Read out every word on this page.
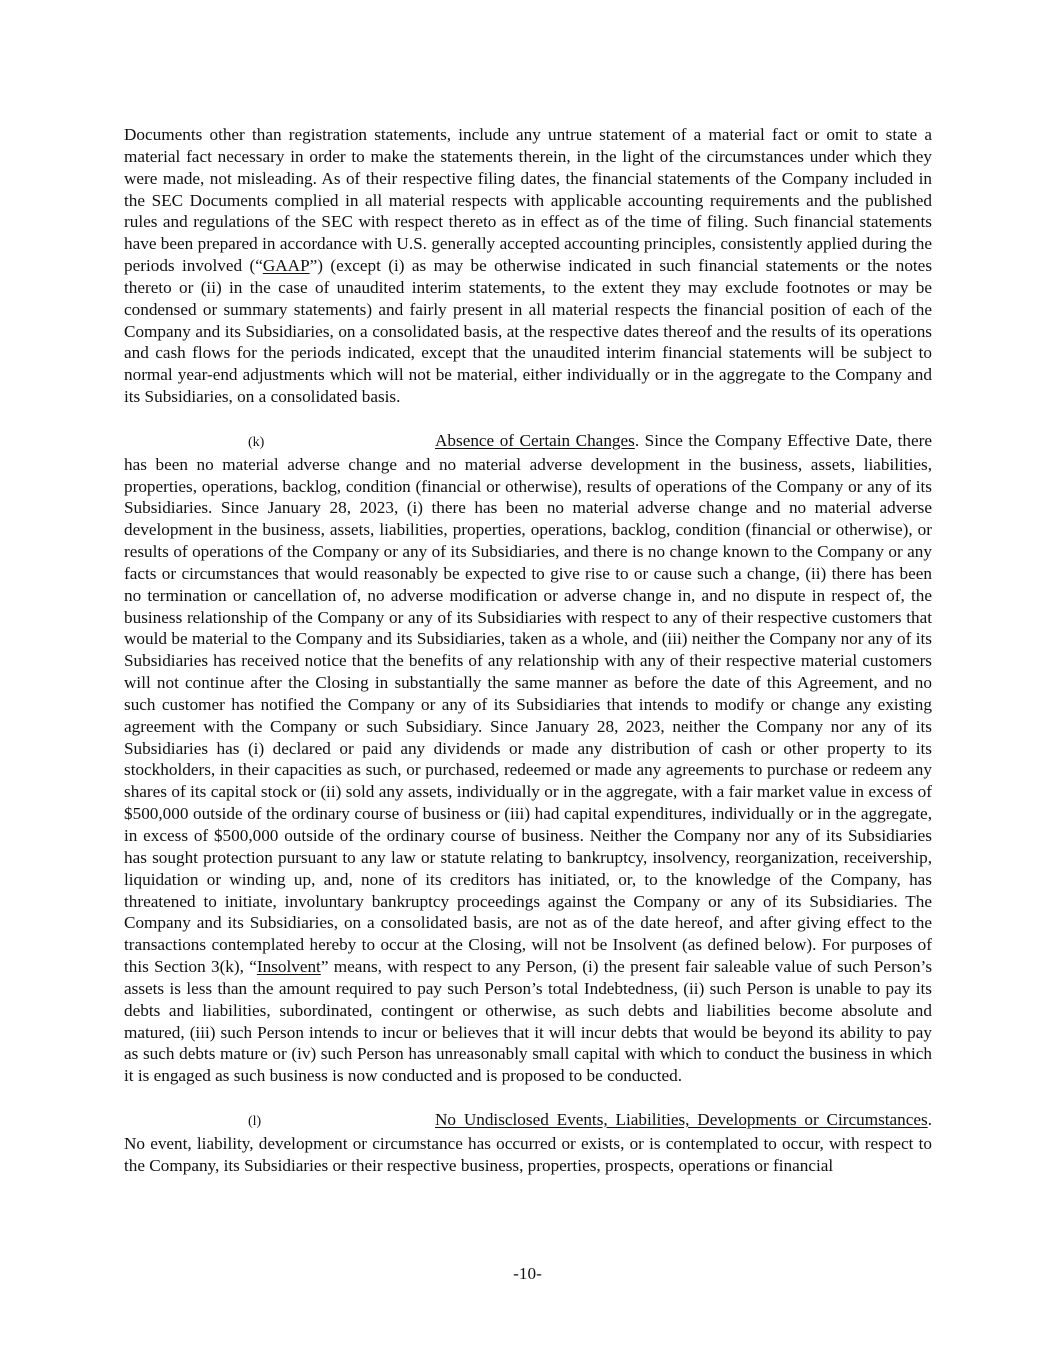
Documents other than registration statements, include any untrue statement of a material fact or omit to state a material fact necessary in order to make the statements therein, in the light of the circumstances under which they were made, not misleading. As of their respective filing dates, the financial statements of the Company included in the SEC Documents complied in all material respects with applicable accounting requirements and the published rules and regulations of the SEC with respect thereto as in effect as of the time of filing. Such financial statements have been prepared in accordance with U.S. generally accepted accounting principles, consistently applied during the periods involved (“GAAP”) (except (i) as may be otherwise indicated in such financial statements or the notes thereto or (ii) in the case of unaudited interim statements, to the extent they may exclude footnotes or may be condensed or summary statements) and fairly present in all material respects the financial position of each of the Company and its Subsidiaries, on a consolidated basis, at the respective dates thereof and the results of its operations and cash flows for the periods indicated, except that the unaudited interim financial statements will be subject to normal year-end adjustments which will not be material, either individually or in the aggregate to the Company and its Subsidiaries, on a consolidated basis.

(k)	Absence of Certain Changes. Since the Company Effective Date, there has been no material adverse change and no material adverse development in the business, assets, liabilities, properties, operations, backlog, condition (financial or otherwise), results of operations of the Company or any of its Subsidiaries. Since January 28, 2023, (i) there has been no material adverse change and no material adverse development in the business, assets, liabilities, properties, operations, backlog, condition (financial or otherwise), or results of operations of the Company or any of its Subsidiaries, and there is no change known to the Company or any facts or circumstances that would reasonably be expected to give rise to or cause such a change, (ii) there has been no termination or cancellation of, no adverse modification or adverse change in, and no dispute in respect of, the business relationship of the Company or any of its Subsidiaries with respect to any of their respective customers that would be material to the Company and its Subsidiaries, taken as a whole, and (iii) neither the Company nor any of its Subsidiaries has received notice that the benefits of any relationship with any of their respective material customers will not continue after the Closing in substantially the same manner as before the date of this Agreement, and no such customer has notified the Company or any of its Subsidiaries that intends to modify or change any existing agreement with the Company or such Subsidiary. Since January 28, 2023, neither the Company nor any of its Subsidiaries has (i) declared or paid any dividends or made any distribution of cash or other property to its stockholders, in their capacities as such, or purchased, redeemed or made any agreements to purchase or redeem any shares of its capital stock or (ii) sold any assets, individually or in the aggregate, with a fair market value in excess of $500,000 outside of the ordinary course of business or (iii) had capital expenditures, individually or in the aggregate, in excess of $500,000 outside of the ordinary course of business. Neither the Company nor any of its Subsidiaries has sought protection pursuant to any law or statute relating to bankruptcy, insolvency, reorganization, receivership, liquidation or winding up, and, none of its creditors has initiated, or, to the knowledge of the Company, has threatened to initiate, involuntary bankruptcy proceedings against the Company or any of its Subsidiaries. The Company and its Subsidiaries, on a consolidated basis, are not as of the date hereof, and after giving effect to the transactions contemplated hereby to occur at the Closing, will not be Insolvent (as defined below). For purposes of this Section 3(k), “Insolvent” means, with respect to any Person, (i) the present fair saleable value of such Person’s assets is less than the amount required to pay such Person’s total Indebtedness, (ii) such Person is unable to pay its debts and liabilities, subordinated, contingent or otherwise, as such debts and liabilities become absolute and matured, (iii) such Person intends to incur or believes that it will incur debts that would be beyond its ability to pay as such debts mature or (iv) such Person has unreasonably small capital with which to conduct the business in which it is engaged as such business is now conducted and is proposed to be conducted.

(l)	No Undisclosed Events, Liabilities, Developments or Circumstances. No event, liability, development or circumstance has occurred or exists, or is contemplated to occur, with respect to the Company, its Subsidiaries or their respective business, properties, prospects, operations or financial

-10-
